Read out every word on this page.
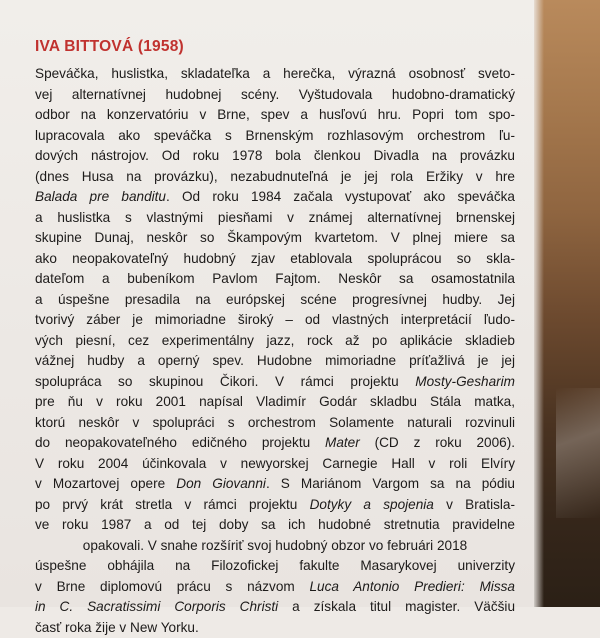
IVA BITTOVÁ (1958)
Speváčka, huslistka, skladateľka a herečka, výrazná osobnosť sveto-
vej alternatívnej hudobnej scény. Vyštudovala hudobno-dramatický
odbor na konzervatóriu v Brne, spev a husľovú hru. Popri tom spo-
lupracovala ako speváčka s Brnenským rozhlasovým orchestrom ľu-
dových nástrojov. Od roku 1978 bola členkou Divadla na provázku
(dnes Husa na provázku), nezabudnuteľná je jej rola Eržiky v hre
Balada pre banditu. Od roku 1984 začala vystupovať ako speváčka
a huslistka s vlastnými piesňami v známej alternatívnej brnenskej
skupine Dunaj, neskôr so Škampovým kvartetom. V plnej miere sa
ako neopakovateľný hudobný zjav etablovala spoluprácou so skla-
dateľom a bubeníkom Pavlom Fajtom. Neskôr sa osamostatnila
a úspešne presadila na európskej scéne progresívnej hudby. Jej
tvorivý záber je mimoriadne široký – od vlastných interpretácií ľudo-
vých piesní, cez experimentálny jazz, rock až po aplikácie skladieb
vážnej hudby a operný spev. Hudobne mimoriadne príťažlivá je jej
spolupráca so skupinou Čikori. V rámci projektu Mosty-Gesharim
pre ňu v roku 2001 napísal Vladimír Godár skladbu Stála matka,
ktorú neskôr v spolupráci s orchestrom Solamente naturali rozvinuli
do neopakovateľného edičného projektu Mater (CD z roku 2006).
V roku 2004 účinkovala v newyorskej Carnegie Hall v roli Elvíry
v Mozartovej opere Don Giovanni. S Mariánom Vargom sa na pódiu
po prvý krát stretla v rámci projektu Dotyky a spojenia v Bratisla-
ve roku 1987 a od tej doby sa ich hudobné stretnutia pravidelne
opakovali. V snahe rozšíriť svoj hudobný obzor vo februári 2018
úspešne obhájila na Filozofickej fakulte Masarykovej univerzity
v Brne diplomovú prácu s názvom Luca Antonio Predieri: Missa
in C. Sacratissimi Corporis Christi a získala titul magister. Väčšiu
časť roka žije v New Yorku.
